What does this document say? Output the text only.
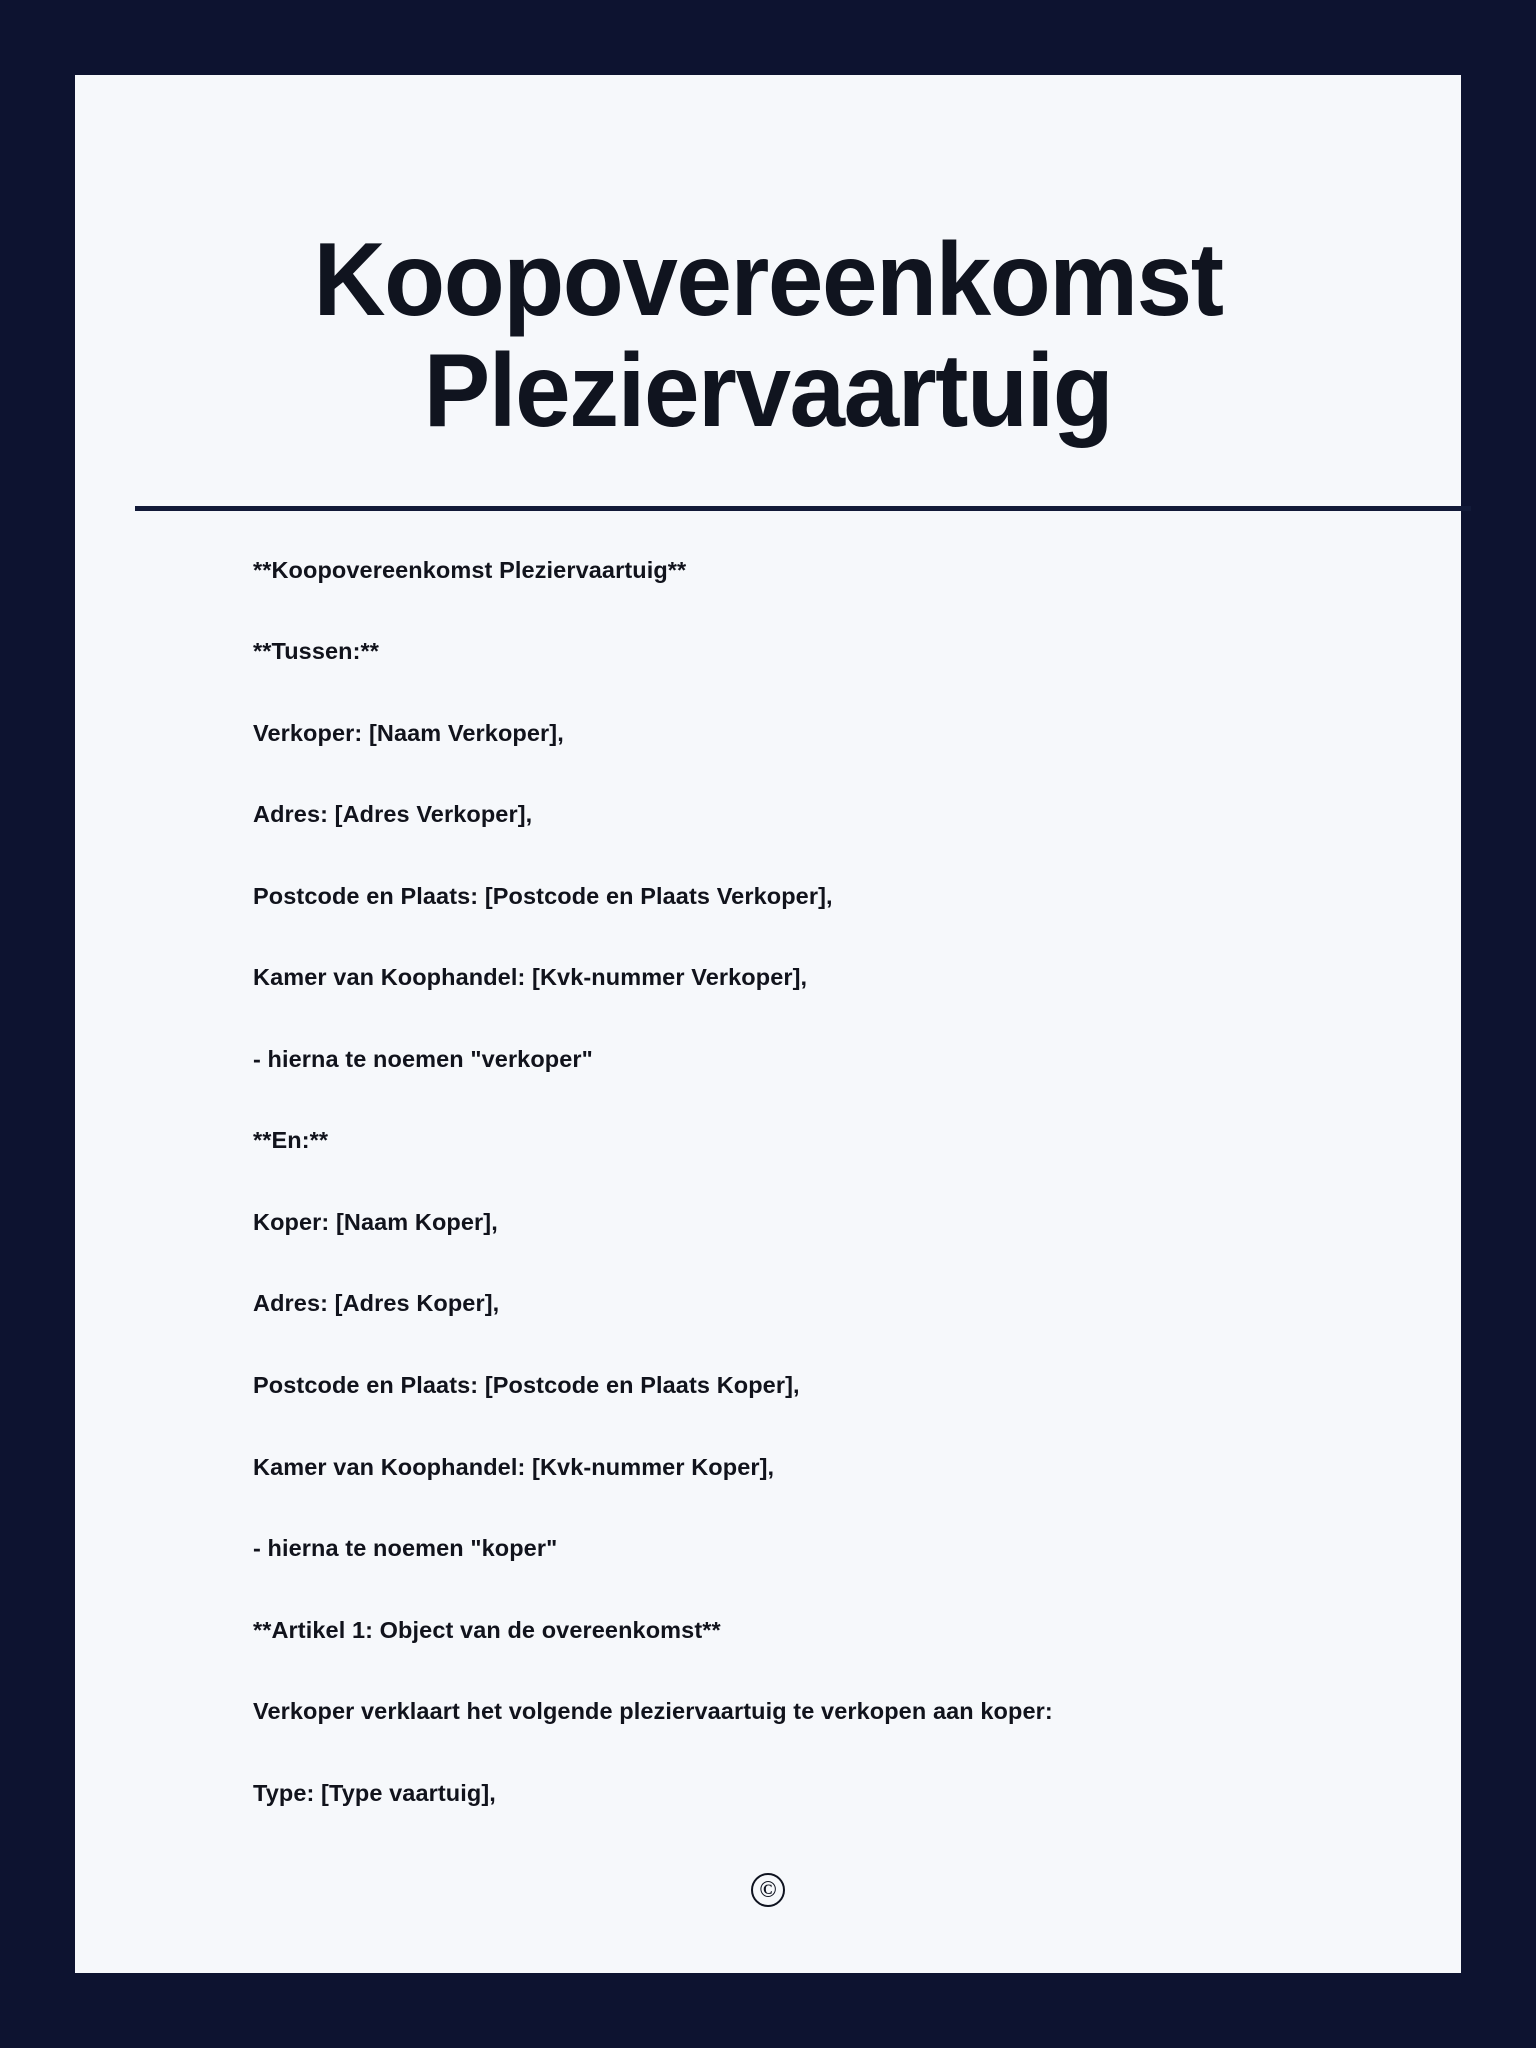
Koopovereenkomst Pleziervaartuig

**Koopovereenkomst Pleziervaartuig**

**Tussen:**

Verkoper: [Naam Verkoper],

Adres: [Adres Verkoper],

Postcode en Plaats: [Postcode en Plaats Verkoper],

Kamer van Koophandel: [Kvk-nummer Verkoper],

- hierna te noemen "verkoper"

**En:**

Koper: [Naam Koper],

Adres: [Adres Koper],

Postcode en Plaats: [Postcode en Plaats Koper],

Kamer van Koophandel: [Kvk-nummer Koper],

- hierna te noemen "koper"

**Artikel 1: Object van de overeenkomst**

Verkoper verklaart het volgende pleziervaartuig te verkopen aan koper:

Type: [Type vaartuig],

©
